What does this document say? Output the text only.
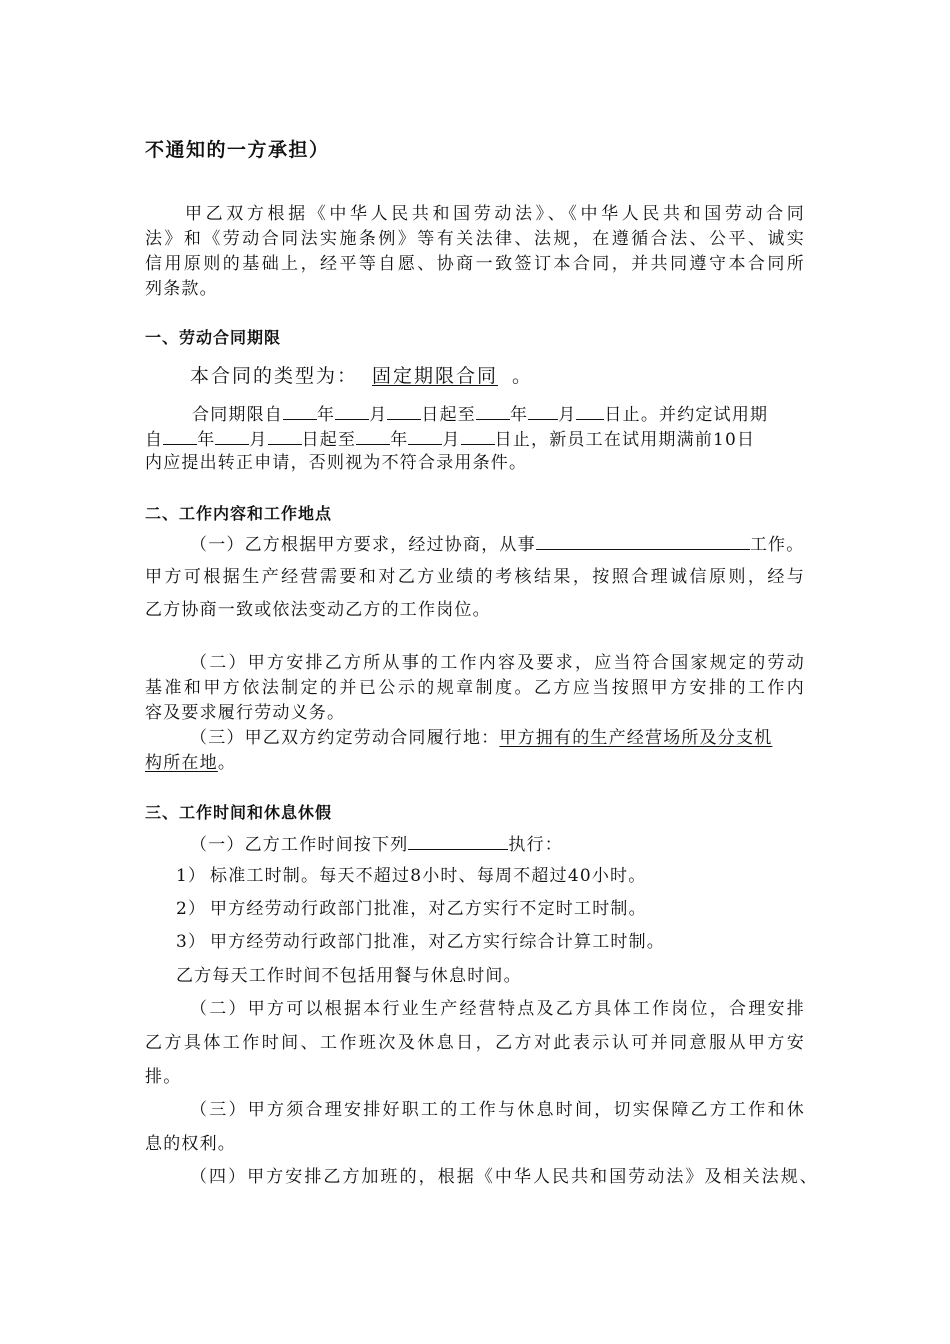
不通知的一方承担）
甲乙双方根据《中华人民共和国劳动法》、《中华人民共和国劳动合同
法》和《劳动合同法实施条例》等有关法律、法规，在遵循合法、公平、诚实
信用原则的基础上，经平等自愿、协商一致签订本合同，并共同遵守本合同所
列条款。
一、劳动合同期限
本合同的类型为： 固定期限合同 。
合同期限自 年 月 日起至 年 月 日止。并约定试用期
自 年 月 日起至 年 月 日止，新员工在试用期满前10日
内应提出转正申请，否则视为不符合录用条件。
二、工作内容和工作地点
（一）乙方根据甲方要求，经过协商，从事	工作。
甲方可根据生产经营需要和对乙方业绩的考核结果，按照合理诚信原则，经与
乙方协商一致或依法变动乙方的工作岗位。
（二）甲方安排乙方所从事的工作内容及要求，应当符合国家规定的劳动
基准和甲方依法制定的并已公示的规章制度。乙方应当按照甲方安排的工作内
容及要求履行劳动义务。
（三）甲乙双方约定劳动合同履行地：甲方拥有的生产经营场所及分支机
构所在地。
三、工作时间和休息休假
（一）乙方工作时间按下列	执行：
1） 标准工时制。每天不超过8小时、每周不超过40小时。
2） 甲方经劳动行政部门批准，对乙方实行不定时工时制。
3） 甲方经劳动行政部门批准，对乙方实行综合计算工时制。
乙方每天工作时间不包括用餐与休息时间。
（二）甲方可以根据本行业生产经营特点及乙方具体工作岗位，合理安排
乙方具体工作时间、工作班次及休息日，乙方对此表示认可并同意服从甲方安
排。
（三）甲方须合理安排好职工的工作与休息时间，切实保障乙方工作和休
息的权利。
（四）甲方安排乙方加班的，根据《中华人民共和国劳动法》及相关法规、
